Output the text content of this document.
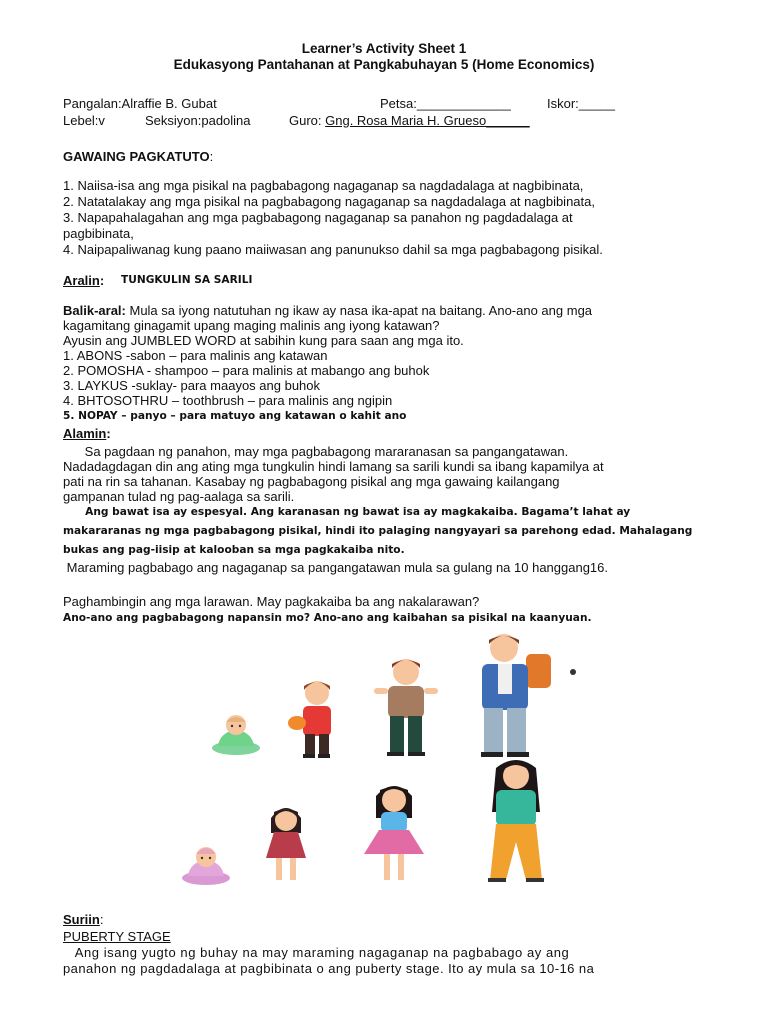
Learner’s Activity Sheet 1
Edukasyong Pantahanan at Pangkabuhayan 5 (Home Economics)
Pangalan:Alraffie B. Gubat	Petsa:_____________	Iskor:_____
Lebel:v	Seksiyon:padolina	Guro: Gng. Rosa Maria H. Grueso______
GAWAING PAGKATUTO:
1. Naiisa-isa ang mga pisikal na pagbabagong nagaganap sa nagdadalaga at nagbibinata,
2. Natatalakay ang mga pisikal na pagbabagong nagaganap sa nagdadalaga at nagbibinata,
3. Napapahalagahan ang mga pagbabagong nagaganap sa panahon ng pagdadalaga at
pagbibinata,
4. Naipapaliwanag kung paano maiiwasan ang panunukso dahil sa mga pagbabagong pisikal.
Aralin: TUNGKULIN SA SARILI
Balik-aral: Mula sa iyong natutuhan ng ikaw ay nasa ika-apat na baitang. Ano-ano ang mga
kagamitang ginagamit upang maging malinis ang iyong katawan?
Ayusin ang JUMBLED WORD at sabihin kung para saan ang mga ito.
1. ABONS -sabon – para malinis ang katawan
2. POMOSHA - shampoo – para malinis at mabango ang buhok
3. LAYKUS -suklay- para maayos ang buhok
4. BHTOSOTHRU – toothbrush – para malinis ang ngipin
5. NOPAY – panyo – para matuyo ang katawan o kahit ano
Alamin:
Sa pagdaan ng panahon, may mga pagbabagong mararanasan sa pangangatawan.
Nadadagdagan din ang ating mga tungkulin hindi lamang sa sarili kundi sa ibang kapamilya at
pati na rin sa tahanan. Kasabay ng pagbabagong pisikal ang mga gawaing kailangang
gampanan tulad ng pag-aalaga sa sarili.
Ang bawat isa ay espesyal. Ang karanasan ng bawat isa ay magkakaiba. Bagama’t lahat ay
makararanas ng mga pagbabagong pisikal, hindi ito palaging nangyayari sa parehong edad. Mahalagang
bukas ang pag-iisip at kalooban sa mga pagkakaiba nito.
Maraming pagbabago ang nagaganap sa pangangatawan mula sa gulang na 10 hanggang16.
Paghambingin ang mga larawan. May pagkakaiba ba ang nakalarawan?
Ano-ano ang pagbabagong napansin mo? Ano-ano ang kaibahan sa pisikal na kaanyuan.
Suriin:
PUBERTY STAGE
Ang isang yugto ng buhay na may maraming nagaganap na pagbabago ay ang
panahon ng pagdadalaga at pagbibinata o ang puberty stage. Ito ay mula sa 10-16 na
